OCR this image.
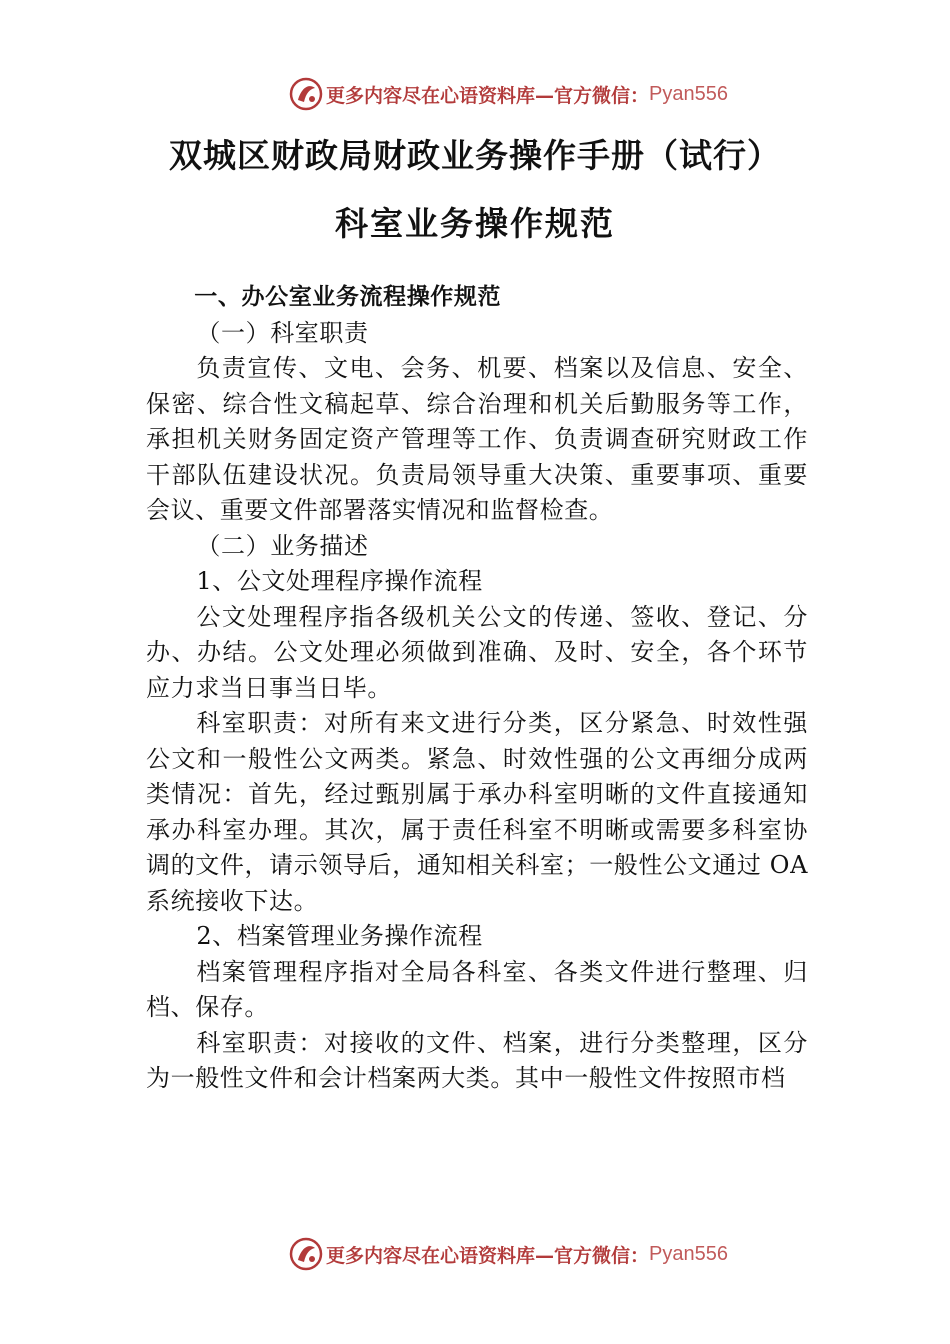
更多内容尽在心语资料库—官方微信： Pyan556
双城区财政局财政业务操作手册（试行）
科室业务操作规范

一、办公室业务流程操作规范

（一）科室职责

负责宣传、文电、会务、机要、档案以及信息、安全、保密、综合性文稿起草、综合治理和机关后勤服务等工作，承担机关财务固定资产管理等工作、负责调查研究财政工作干部队伍建设状况。负责局领导重大决策、重要事项、重要会议、重要文件部署落实情况和监督检查。

（二）业务描述

1、公文处理程序操作流程

公文处理程序指各级机关公文的传递、签收、登记、分办、办结。公文处理必须做到准确、及时、安全，各个环节应力求当日事当日毕。

科室职责：对所有来文进行分类，区分紧急、时效性强公文和一般性公文两类。紧急、时效性强的公文再细分成两类情况：首先，经过甄别属于承办科室明晰的文件直接通知承办科室办理。其次，属于责任科室不明晰或需要多科室协调的文件，请示领导后，通知相关科室；一般性公文通过 OA 系统接收下达。

2、档案管理业务操作流程

档案管理程序指对全局各科室、各类文件进行整理、归档、保存。

科室职责：对接收的文件、档案，进行分类整理，区分为一般性文件和会计档案两大类。其中一般性文件按照市档

更多内容尽在心语资料库—官方微信： Pyan556
